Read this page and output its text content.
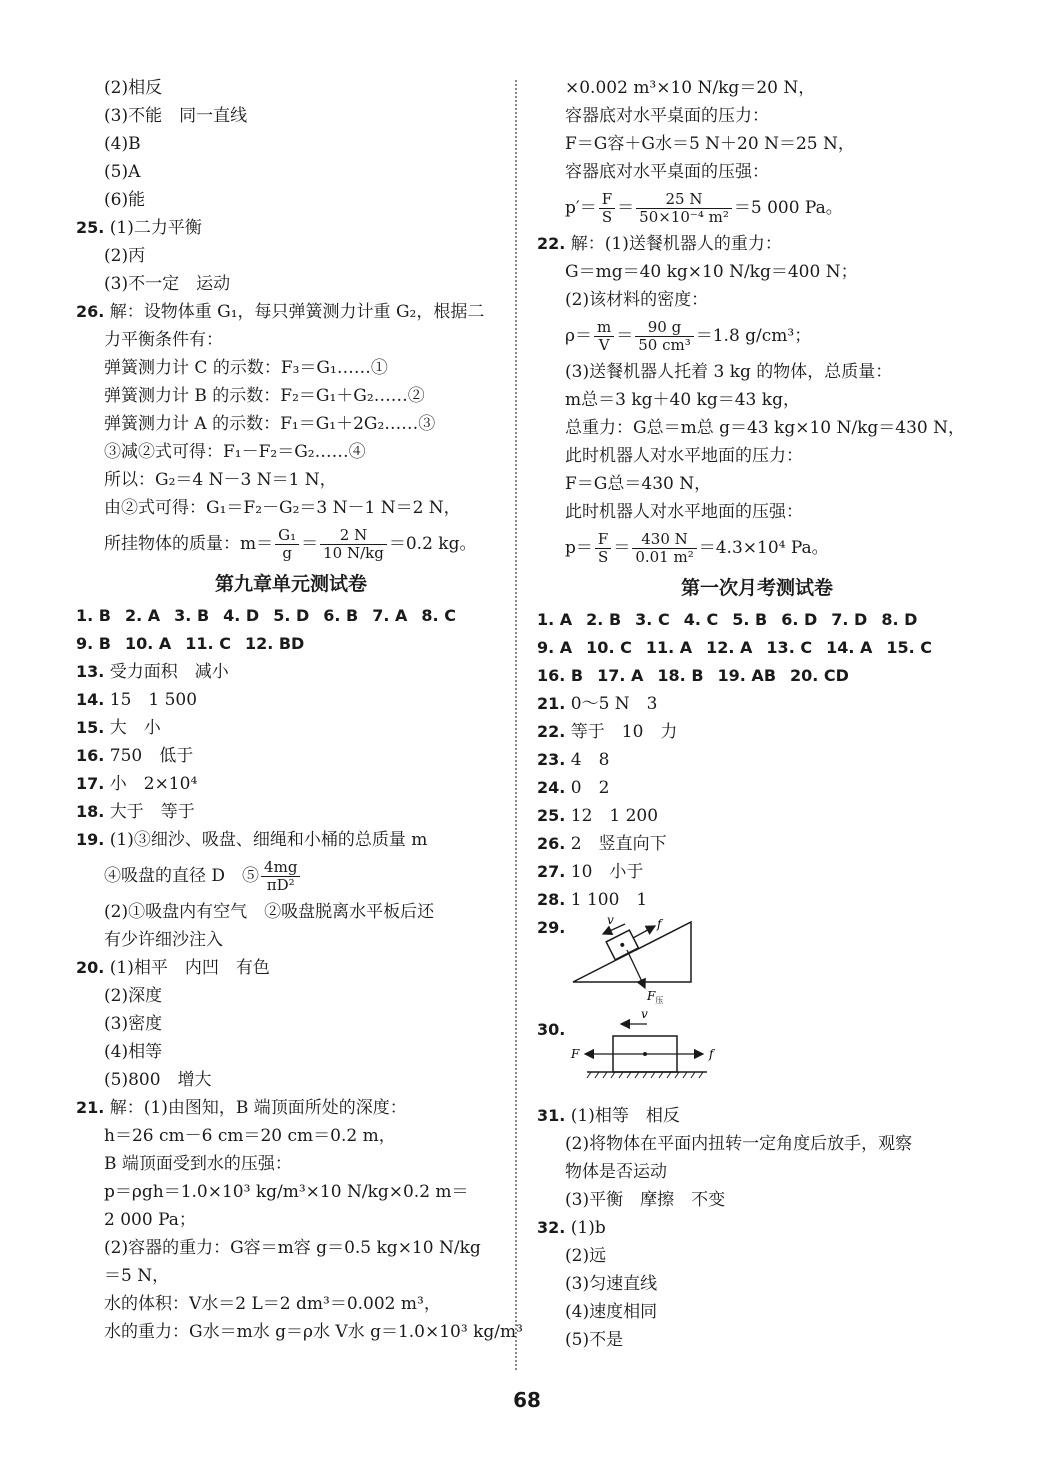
(2)相反
(3)不能　同一直线
(4)B
(5)A
(6)能
25. (1)二力平衡
(2)丙
(3)不一定　运动
26. 解：设物体重 G₁，每只弹簧测力计重 G₂，根据二
力平衡条件有：
弹簧测力计 C 的示数：F₃＝G₁……①
弹簧测力计 B 的示数：F₂＝G₁＋G₂……②
弹簧测力计 A 的示数：F₁＝G₁＋2G₂……③
③减②式可得：F₁－F₂＝G₂……④
所以：G₂＝4 N－3 N＝1 N，
由②式可得：G₁＝F₂－G₂＝3 N－1 N＝2 N，
所挂物体的质量：$m= \frac{\text{G₁}}{g} = \frac{2 N}{10 N/kg} =0.2$ kg。
第九章单元测试卷
1. B 2. A 3. B 4. D 5. D 6. B 7. A 8. C
9. B 10. A 11. C 12. BD
13. 受力面积　减小
14. 15　1 500
15. 大　小
16. 750　低于
17. 小　2×10⁴
18. 大于　等于
19. (1)③细沙、吸盘、细绳和小桶的总质量 m
④吸盘的直径 D　⑤ $\frac{4mg}{\text{πD²}}$
(2)①吸盘内有空气　②吸盘脱离水平板后还
有少许细沙注入
20. (1)相平　内凹　有色
(2)深度
(3)密度
(4)相等
(5)800　增大
21. 解：(1)由图知，B 端顶面所处的深度：
h＝26 cm－6 cm＝20 cm＝0.2 m，
B 端顶面受到水的压强：
p＝ρgh＝1.0×10³ kg/m³×10 N/kg×0.2 m＝
2 000 Pa；
(2)容器的重力：G容＝m容 g＝0.5 kg×10 N/kg
＝5 N，
水的体积：V水＝2 L＝2 dm³＝0.002 m³，
水的重力：G水＝m水 g＝ρ水 V水 g＝1.0×10³ kg/m³
×0.002 m³×10 N/kg＝20 N，
容器底对水平桌面的压力：
F＝G容＋G水＝5 N＋20 N＝25 N，
容器底对水平桌面的压强：
$p'= \frac{F}{S} = \frac{25 N}{\text{50×10⁻⁴ m²}} =5$ 000 Pa。
22. 解：(1)送餐机器人的重力：
G＝mg＝40 kg×10 N/kg＝400 N；
(2)该材料的密度：
$\rho= \frac{m}{V} = \frac{90 g}{\text{50 cm³}} =1.8$ g/cm³；
(3)送餐机器人托着 3 kg 的物体，总质量：
m总＝3 kg＋40 kg＝43 kg，
总重力：G总＝m总 g＝43 kg×10 N/kg＝430 N，
此时机器人对水平地面的压力：
F＝G总＝430 N，
此时机器人对水平地面的压强：
$p= \frac{F}{S} = \frac{430 N}{\text{0.01 m²}} =4.3\times 10^4$ Pa。
第一次月考测试卷
1. A 2. B 3. C 4. C 5. B 6. D 7. D 8. D
9. A 10. C 11. A 12. A 13. C 14. A 15. C
16. B 17. A 18. B 19. AB 20. CD
21. 0～5 N　3
22. 等于　10　力
23. 4　8
24. 0　2
25. 12　1 200
26. 2　竖直向下
27. 10　小于
28. 1 100　1
29.	v	f
$F_压$
30.
v
F	f
31. (1)相等　相反
(2)将物体在平面内扭转一定角度后放手，观察
物体是否运动
(3)平衡　摩擦　不变
32. (1)b
(2)远
(3)匀速直线
(4)速度相同
(5)不是
68
